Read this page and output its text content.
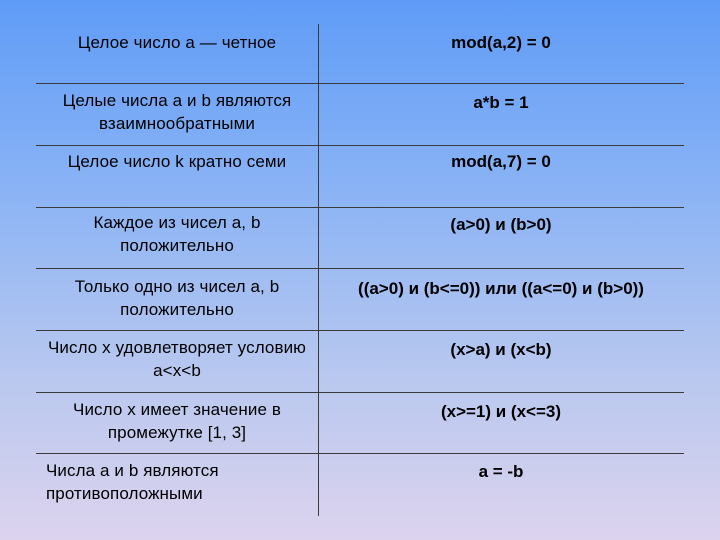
Целое число а — четное	mod(a,2) = 0
Целые числа а и b являются взаимнообратными
a*b = 1
Целое число k кратно семи	mod(a,7) = 0
Каждое из чисел а, b положительно
(a>0) и (b>0)
Только одно из чисел а, b положительно
((a>0) и (b<=0)) или ((a<=0) и (b>0))
Число х удовлетворяет условию а<х<b
(x>a) и (x<b)
Число х имеет значение в промежутке [1, 3]
(x>=1) и (x<=3)
Числа а и b являются противоположными
a = -b
